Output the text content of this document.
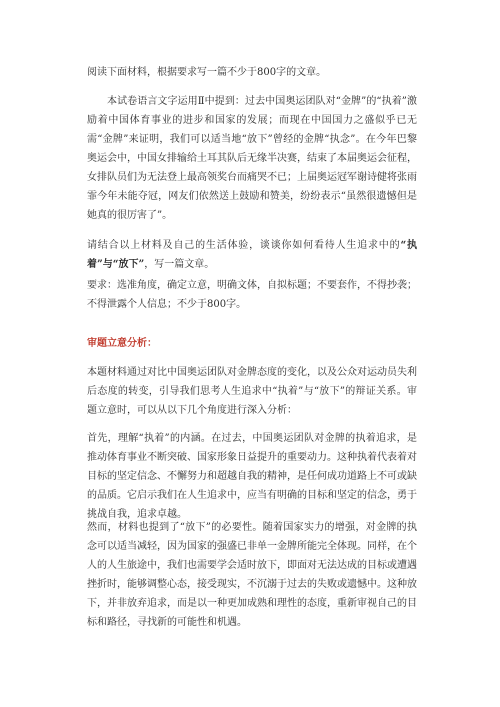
阅读下面材料，根据要求写一篇不少于800字的文章。

本试卷语言文字运用Ⅱ中提到：过去中国奥运团队对“金牌”的“执着”激励着中国体育事业的进步和国家的发展；而现在中国国力之盛似乎已无需“金牌”来证明，我们可以适当地“放下”曾经的金牌“执念”。在今年巴黎奥运会中，中国女排输给土耳其队后无缘半决赛，结束了本届奥运会征程，女排队员们为无法登上最高领奖台而痛哭不已；上届奥运冠军谢诗健将张雨霏今年未能夺冠，网友们依然送上鼓励和赞美，纷纷表示“虽然很遗憾但是她真的很厉害了”。

请结合以上材料及自己的生活体验，谈谈你如何看待人生追求中的“执着”与“放下”，写一篇文章。

要求：选准角度，确定立意，明确文体，自拟标题；不要套作，不得抄袭；不得泄露个人信息；不少于800字。

审题立意分析：

本题材料通过对比中国奥运团队对金牌态度的变化，以及公众对运动员失利后态度的转变，引导我们思考人生追求中“执着”与“放下”的辩证关系。审题立意时，可以从以下几个角度进行深入分析：

首先，理解“执着”的内涵。在过去，中国奥运团队对金牌的执着追求，是推动体育事业不断突破、国家形象日益提升的重要动力。这种执着代表着对目标的坚定信念、不懈努力和超越自我的精神，是任何成功道路上不可或缺的品质。它启示我们在人生追求中，应当有明确的目标和坚定的信念，勇于挑战自我，追求卓越。

然而，材料也提到了“放下”的必要性。随着国家实力的增强，对金牌的执念可以适当减轻，因为国家的强盛已非单一金牌所能完全体现。同样，在个人的人生旅途中，我们也需要学会适时放下，即面对无法达成的目标或遭遇挫折时，能够调整心态，接受现实，不沉溺于过去的失败或遗憾中。这种放下，并非放弃追求，而是以一种更加成熟和理性的态度，重新审视自己的目标和路径，寻找新的可能性和机遇。
